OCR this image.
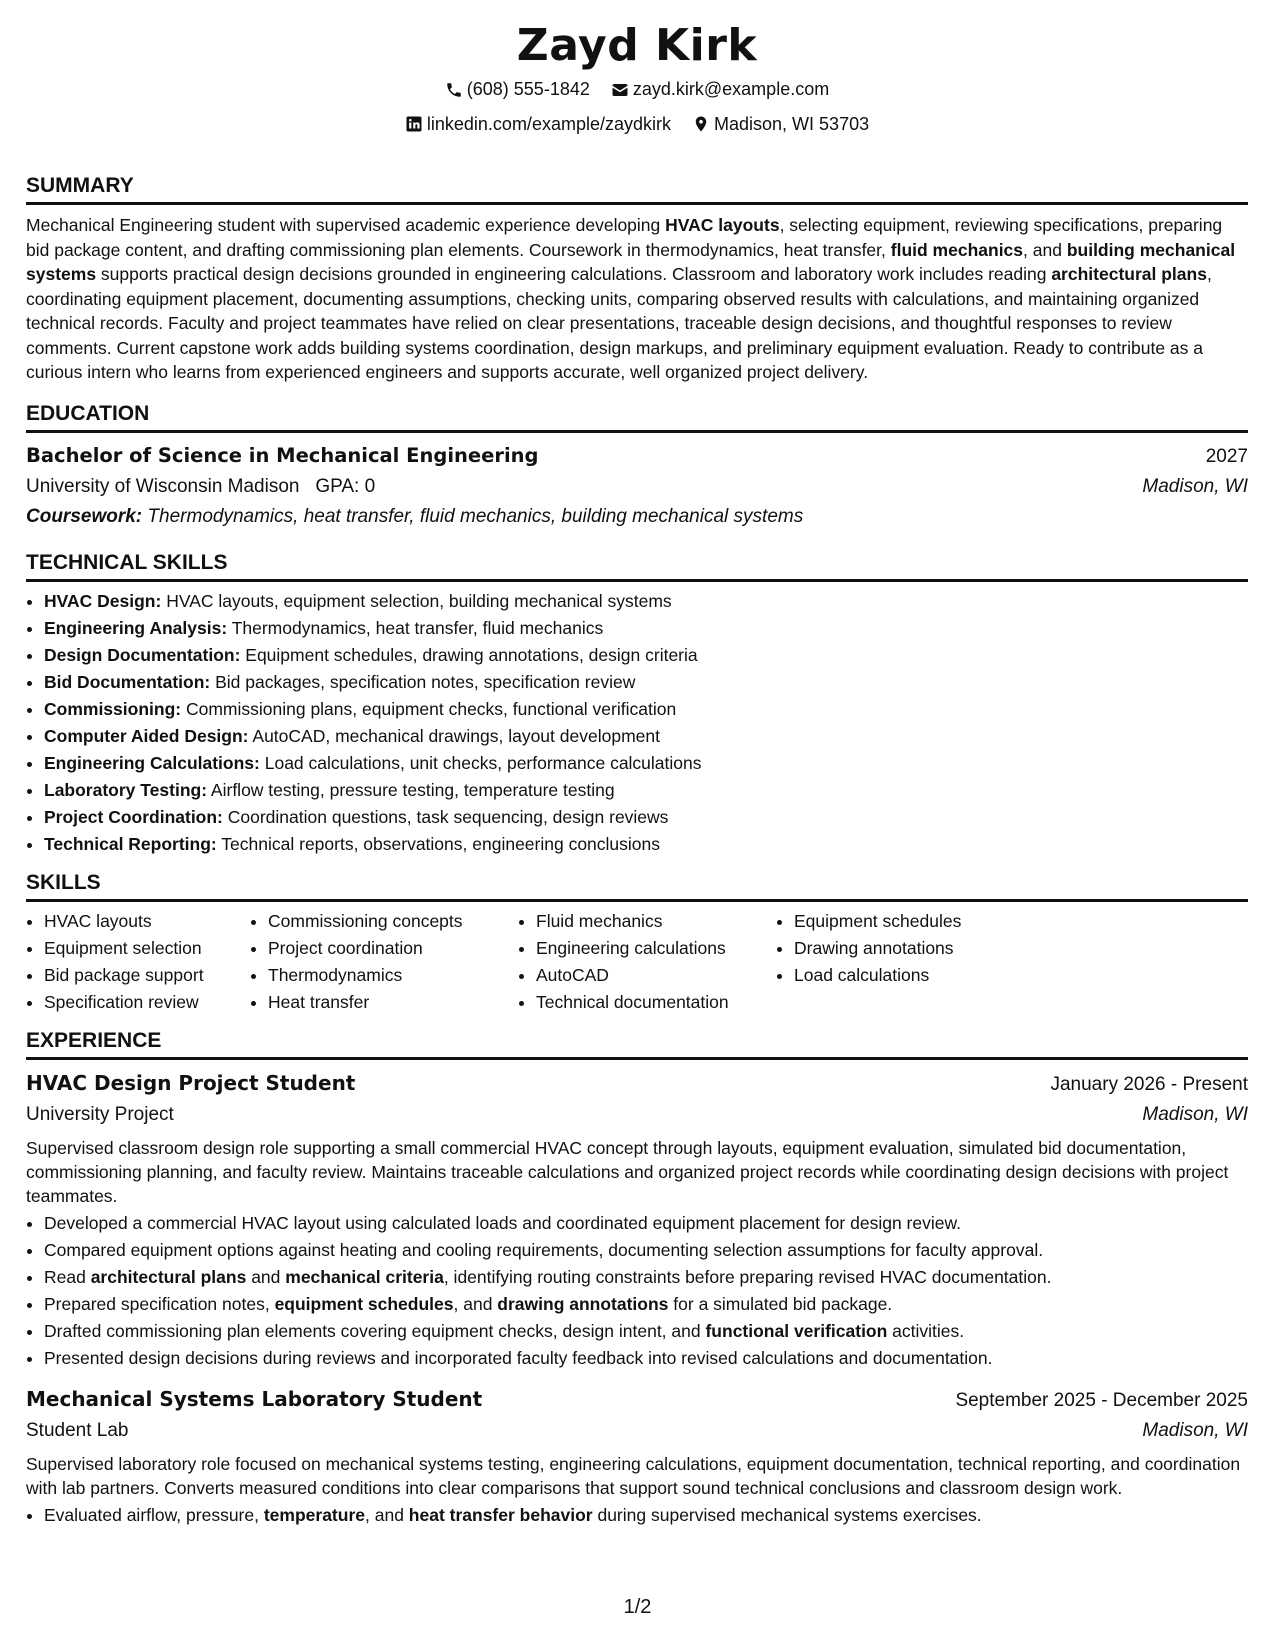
Zayd Kirk

(608) 555-1842
zayd.kirk@example.com

linkedin.com/example/zaydkirk
Madison, WI 53703

SUMMARY

Mechanical Engineering student with supervised academic experience developing HVAC layouts, selecting equipment, reviewing specifications, preparing bid package content, and drafting commissioning plan elements. Coursework in thermodynamics, heat transfer, fluid mechanics, and building mechanical systems supports practical design decisions grounded in engineering calculations. Classroom and laboratory work includes reading architectural plans, coordinating equipment placement, documenting assumptions, checking units, comparing observed results with calculations, and maintaining organized technical records. Faculty and project teammates have relied on clear presentations, traceable design decisions, and thoughtful responses to review comments. Current capstone work adds building systems coordination, design markups, and preliminary equipment evaluation. Ready to contribute as a curious intern who learns from experienced engineers and supports accurate, well organized project delivery.

EDUCATION
Bachelor of Science in Mechanical Engineering	2027
University of Wisconsin Madison GPA: 0	Madison, WI
Coursework: Thermodynamics, heat transfer, fluid mechanics, building mechanical systems
TECHNICAL SKILLS
• HVAC Design: HVAC layouts, equipment selection, building mechanical systems
• Engineering Analysis: Thermodynamics, heat transfer, fluid mechanics
• Design Documentation: Equipment schedules, drawing annotations, design criteria
• Bid Documentation: Bid packages, specification notes, specification review
• Commissioning: Commissioning plans, equipment checks, functional verification
• Computer Aided Design: AutoCAD, mechanical drawings, layout development
• Engineering Calculations: Load calculations, unit checks, performance calculations
• Laboratory Testing: Airflow testing, pressure testing, temperature testing
• Project Coordination: Coordination questions, task sequencing, design reviews
• Technical Reporting: Technical reports, observations, engineering conclusions
SKILLS
• HVAC layouts
• Equipment selection
• Bid package support
• Specification review
• Commissioning concepts
• Project coordination
• Thermodynamics
• Heat transfer
• Fluid mechanics
• Engineering calculations
• AutoCAD
• Technical documentation
• Equipment schedules
• Drawing annotations
• Load calculations
EXPERIENCE
HVAC Design Project Student	January 2026 - Present
University Project	Madison, WI

Supervised classroom design role supporting a small commercial HVAC concept through layouts, equipment evaluation, simulated bid documentation, commissioning planning, and faculty review. Maintains traceable calculations and organized project records while coordinating design decisions with project teammates.

• Developed a commercial HVAC layout using calculated loads and coordinated equipment placement for design review.
• Compared equipment options against heating and cooling requirements, documenting selection assumptions for faculty approval.
• Read architectural plans and mechanical criteria, identifying routing constraints before preparing revised HVAC documentation.
• Prepared specification notes, equipment schedules, and drawing annotations for a simulated bid package.
• Drafted commissioning plan elements covering equipment checks, design intent, and functional verification activities.
• Presented design decisions during reviews and incorporated faculty feedback into revised calculations and documentation.
Mechanical Systems Laboratory Student	September 2025 - December 2025
Student Lab	Madison, WI

Supervised laboratory role focused on mechanical systems testing, engineering calculations, equipment documentation, technical reporting, and coordination with lab partners. Converts measured conditions into clear comparisons that support sound technical conclusions and classroom design work.

• Evaluated airflow, pressure, temperature, and heat transfer behavior during supervised mechanical systems exercises.
1/2
